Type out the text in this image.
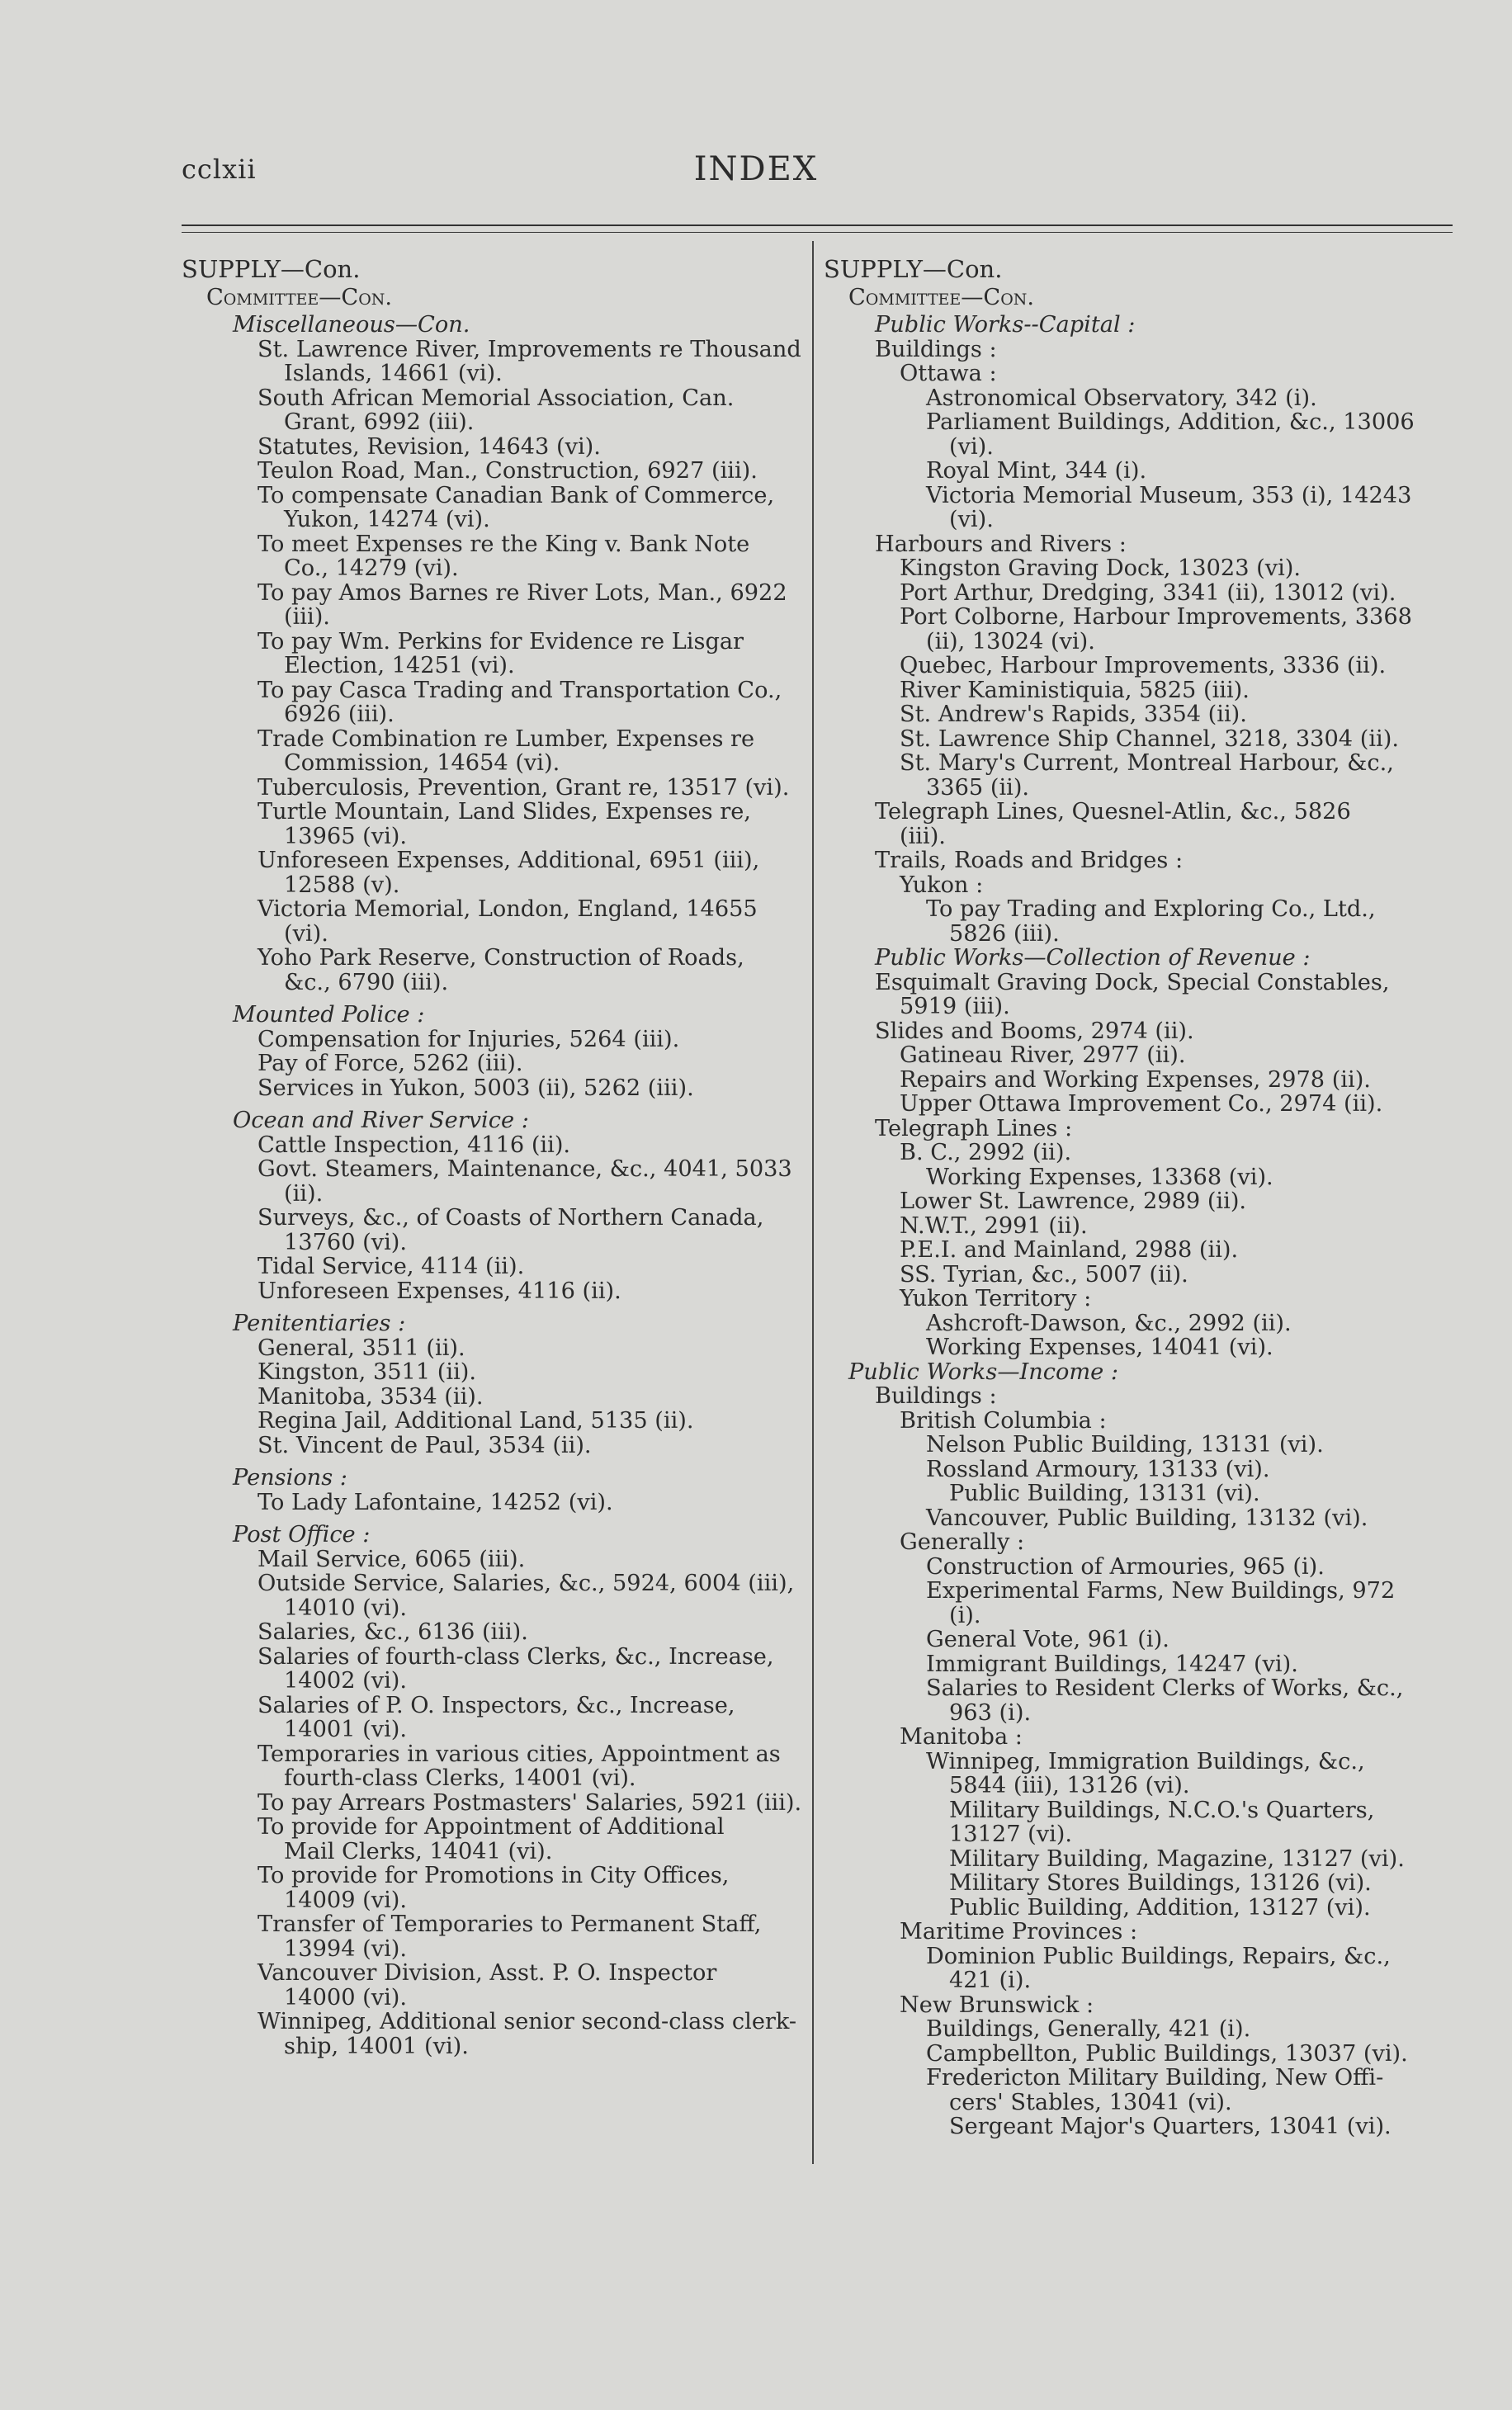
cclxii	INDEX
SUPPLY—Con.
Committee—Con.
Miscellaneous—Con.
St. Lawrence River, Improvements re Thousand
Islands, 14661 (vi).
South African Memorial Association, Can.
Grant, 6992 (iii).
Statutes, Revision, 14643 (vi).
Teulon Road, Man., Construction, 6927 (iii).
To compensate Canadian Bank of Commerce,
Yukon, 14274 (vi).
To meet Expenses re the King v. Bank Note
Co., 14279 (vi).
To pay Amos Barnes re River Lots, Man., 6922
(iii).
To pay Wm. Perkins for Evidence re Lisgar
Election, 14251 (vi).
To pay Casca Trading and Transportation Co.,
6926 (iii).
Trade Combination re Lumber, Expenses re
Commission, 14654 (vi).
Tuberculosis, Prevention, Grant re, 13517 (vi).
Turtle Mountain, Land Slides, Expenses re,
13965 (vi).
Unforeseen Expenses, Additional, 6951 (iii),
12588 (v).
Victoria Memorial, London, England, 14655
(vi).
Yoho Park Reserve, Construction of Roads,
&c., 6790 (iii).
Mounted Police :
Compensation for Injuries, 5264 (iii).
Pay of Force, 5262 (iii).
Services in Yukon, 5003 (ii), 5262 (iii).
Ocean and River Service :
Cattle Inspection, 4116 (ii).
Govt. Steamers, Maintenance, &c., 4041, 5033
(ii).
Surveys, &c., of Coasts of Northern Canada,
13760 (vi).
Tidal Service, 4114 (ii).
Unforeseen Expenses, 4116 (ii).
Penitentiaries :
General, 3511 (ii).
Kingston, 3511 (ii).
Manitoba, 3534 (ii).
Regina Jail, Additional Land, 5135 (ii).
St. Vincent de Paul, 3534 (ii).
Pensions :
To Lady Lafontaine, 14252 (vi).
Post Office :
Mail Service, 6065 (iii).
Outside Service, Salaries, &c., 5924, 6004 (iii),
14010 (vi).
Salaries, &c., 6136 (iii).
Salaries of fourth-class Clerks, &c., Increase,
14002 (vi).
Salaries of P. O. Inspectors, &c., Increase,
14001 (vi).
Temporaries in various cities, Appointment as
fourth-class Clerks, 14001 (vi).
To pay Arrears Postmasters' Salaries, 5921 (iii).
To provide for Appointment of Additional
Mail Clerks, 14041 (vi).
To provide for Promotions in City Offices,
14009 (vi).
Transfer of Temporaries to Permanent Staff,
13994 (vi).
Vancouver Division, Asst. P. O. Inspector
14000 (vi).
Winnipeg, Additional senior second-class clerk-
ship, 14001 (vi).
SUPPLY—Con.
Committee—Con.
Public Works--Capital :
Buildings :
Ottawa :
Astronomical Observatory, 342 (i).
Parliament Buildings, Addition, &c., 13006
(vi).
Royal Mint, 344 (i).
Victoria Memorial Museum, 353 (i), 14243
(vi).
Harbours and Rivers :
Kingston Graving Dock, 13023 (vi).
Port Arthur, Dredging, 3341 (ii), 13012 (vi).
Port Colborne, Harbour Improvements, 3368
(ii), 13024 (vi).
Quebec, Harbour Improvements, 3336 (ii).
River Kaministiquia, 5825 (iii).
St. Andrew's Rapids, 3354 (ii).
St. Lawrence Ship Channel, 3218, 3304 (ii).
St. Mary's Current, Montreal Harbour, &c.,
3365 (ii).
Telegraph Lines, Quesnel-Atlin, &c., 5826
(iii).
Trails, Roads and Bridges :
Yukon :
To pay Trading and Exploring Co., Ltd.,
5826 (iii).
Public Works—Collection of Revenue :
Esquimalt Graving Dock, Special Constables,
5919 (iii).
Slides and Booms, 2974 (ii).
Gatineau River, 2977 (ii).
Repairs and Working Expenses, 2978 (ii).
Upper Ottawa Improvement Co., 2974 (ii).
Telegraph Lines :
B. C., 2992 (ii).
Working Expenses, 13368 (vi).
Lower St. Lawrence, 2989 (ii).
N.W.T., 2991 (ii).
P.E.I. and Mainland, 2988 (ii).
SS. Tyrian, &c., 5007 (ii).
Yukon Territory :
Ashcroft-Dawson, &c., 2992 (ii).
Working Expenses, 14041 (vi).
Public Works—Income :
Buildings :
British Columbia :
Nelson Public Building, 13131 (vi).
Rossland Armoury, 13133 (vi).
Public Building, 13131 (vi).
Vancouver, Public Building, 13132 (vi).
Generally :
Construction of Armouries, 965 (i).
Experimental Farms, New Buildings, 972
(i).
General Vote, 961 (i).
Immigrant Buildings, 14247 (vi).
Salaries to Resident Clerks of Works, &c.,
963 (i).
Manitoba :
Winnipeg, Immigration Buildings, &c.,
5844 (iii), 13126 (vi).
Military Buildings, N.C.O.'s Quarters,
13127 (vi).
Military Building, Magazine, 13127 (vi).
Military Stores Buildings, 13126 (vi).
Public Building, Addition, 13127 (vi).
Maritime Provinces :
Dominion Public Buildings, Repairs, &c.,
421 (i).
New Brunswick :
Buildings, Generally, 421 (i).
Campbellton, Public Buildings, 13037 (vi).
Fredericton Military Building, New Offi-
cers' Stables, 13041 (vi).
Sergeant Major's Quarters, 13041 (vi).
